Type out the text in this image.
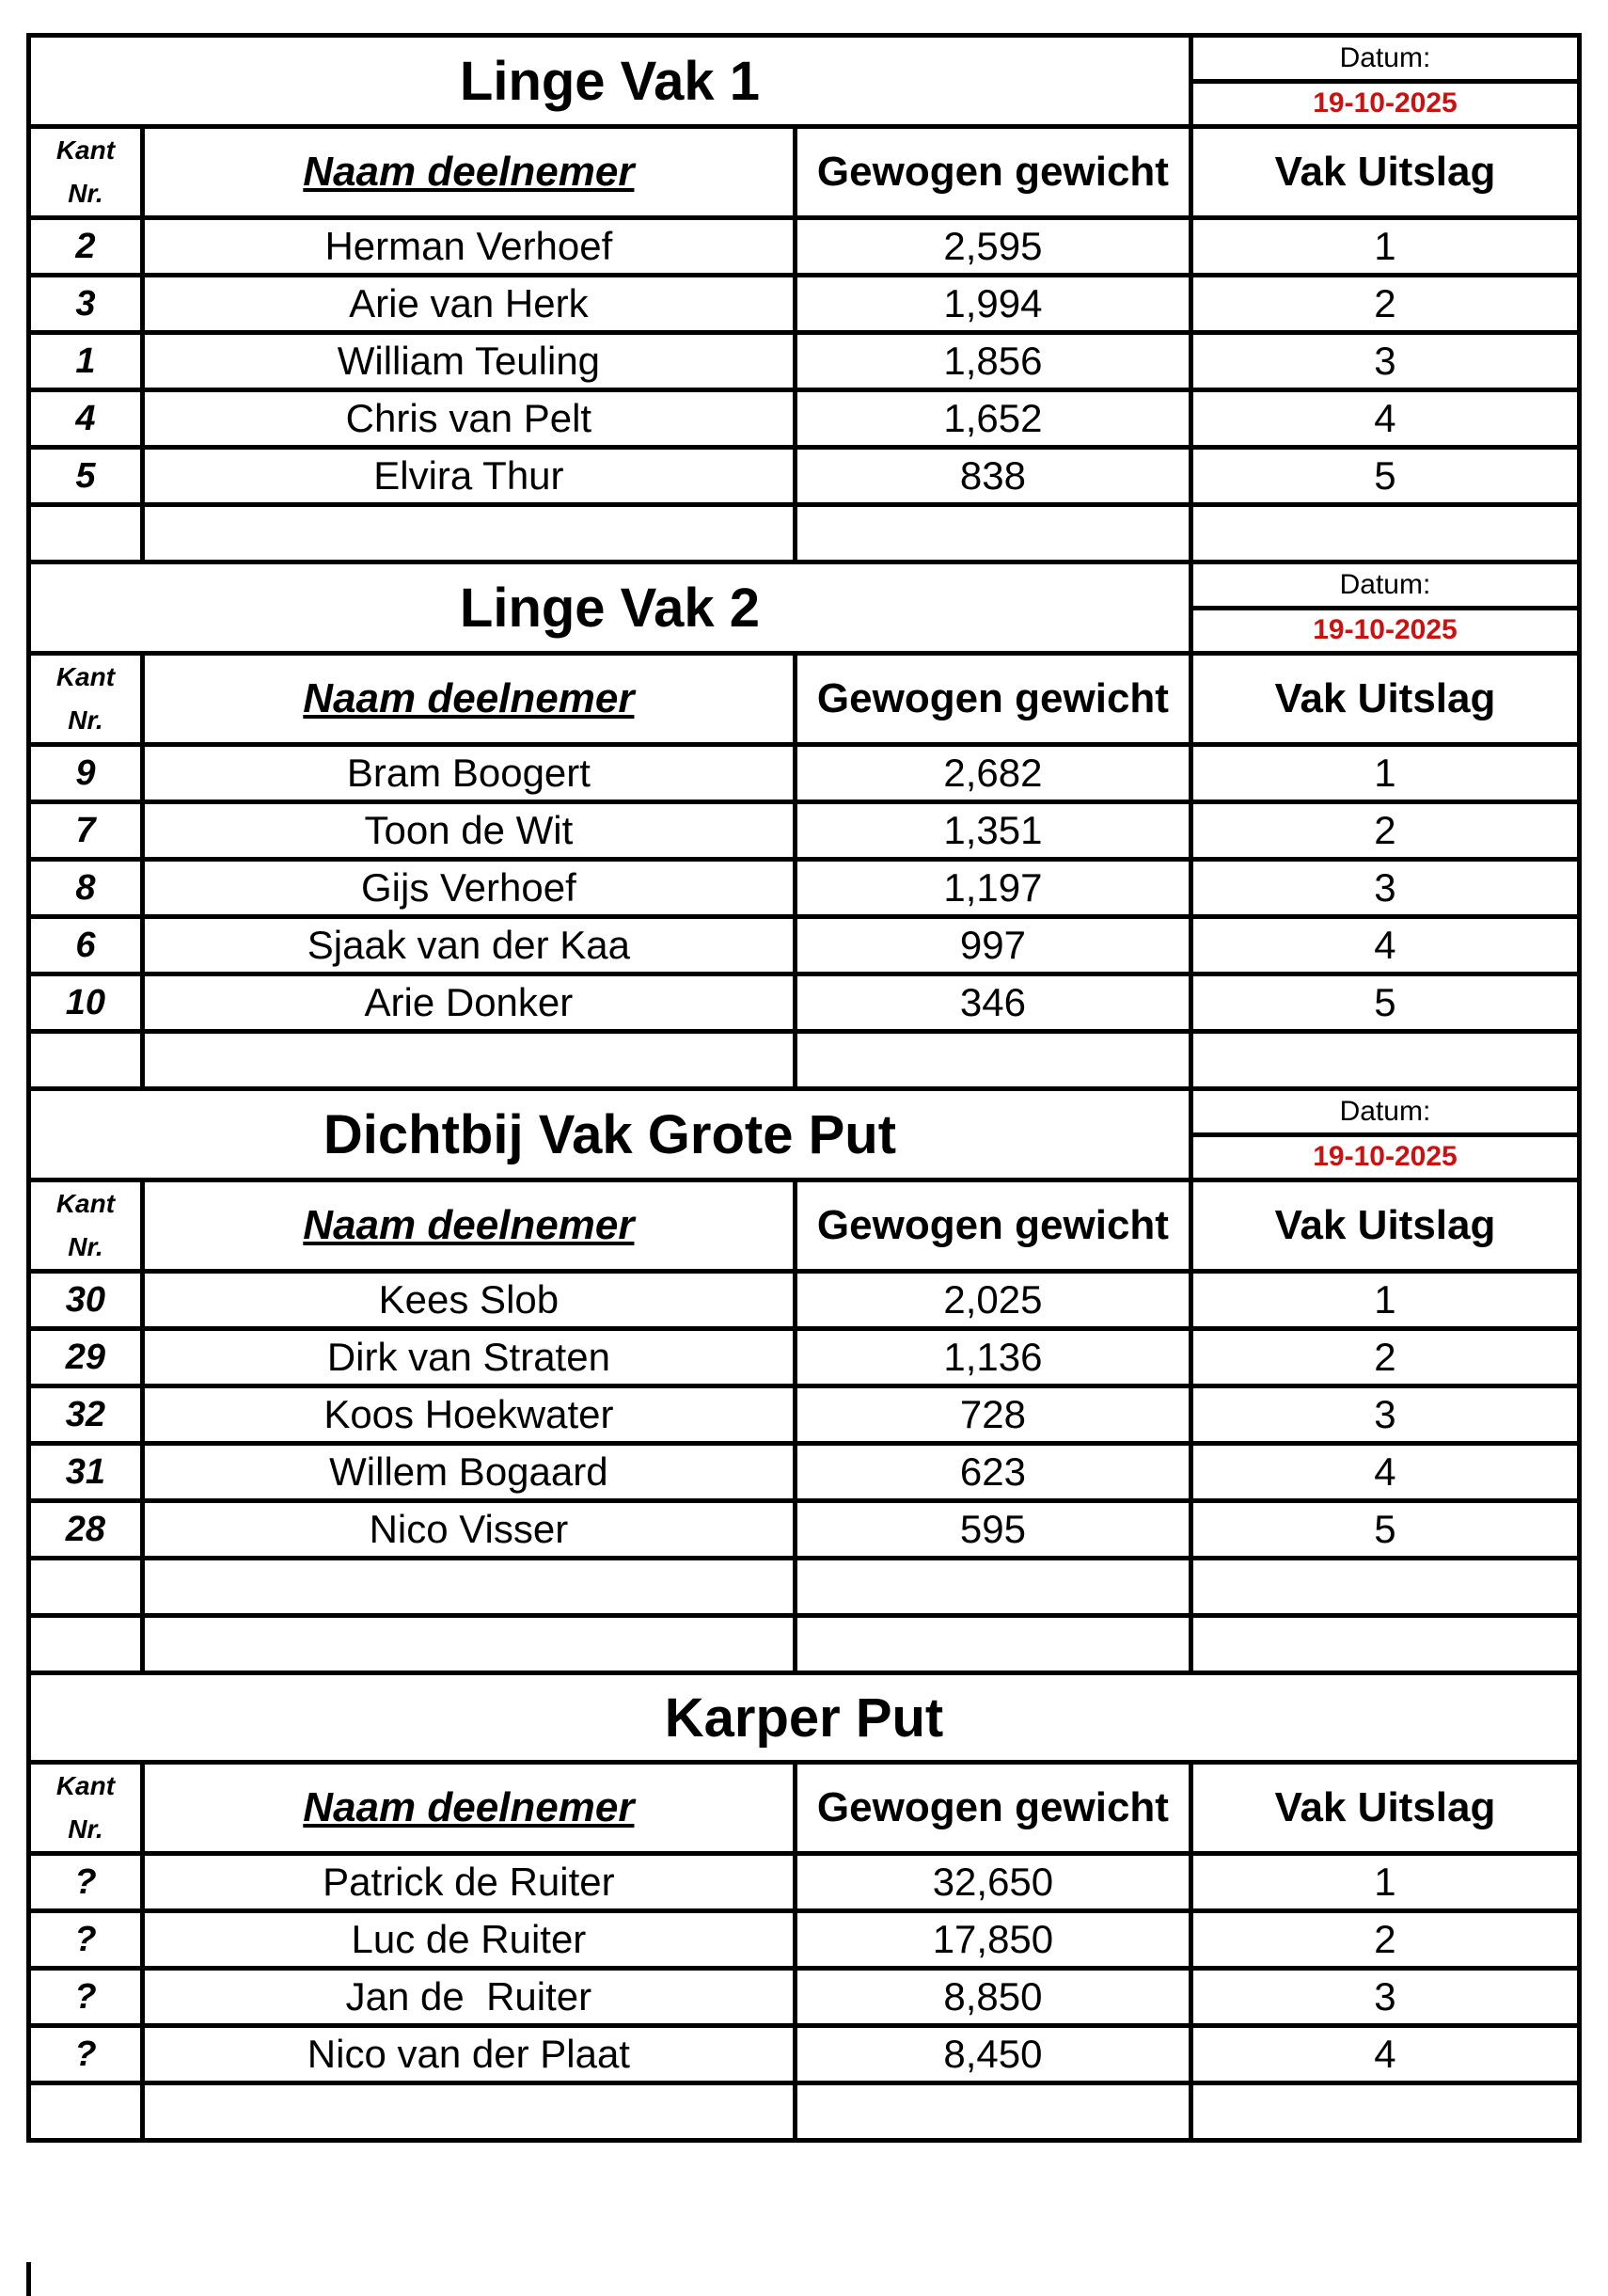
Linge Vak 1			Datum:
19-10-2025

Kant
Nr.	Naam deelnemer	Gewogen gewicht	Vak Uitslag
2	Herman Verhoef	2,595	1
3	Arie van Herk	1,994	2
1	William Teuling	1,856	3
4	Chris van Pelt	1,652	4
5	Elvira Thur	838	5

Linge Vak 2			Datum:
19-10-2025

Kant
Nr.	Naam deelnemer	Gewogen gewicht	Vak Uitslag
9	Bram Boogert	2,682	1
7	Toon de Wit	1,351	2
8	Gijs Verhoef	1,197	3
6	Sjaak van der Kaa	997	4
10	Arie Donker	346	5

Dichtbij Vak Grote Put			Datum:
19-10-2025

Kant
Nr.	Naam deelnemer	Gewogen gewicht	Vak Uitslag
30	Kees Slob	2,025	1
29	Dirk van Straten	1,136	2
32	Koos Hoekwater	728	3
31	Willem Bogaard	623	4
28	Nico Visser	595	5

Karper Put			
Kant
Nr.	Naam deelnemer	Gewogen gewicht	Vak Uitslag
?	Patrick de Ruiter	32,650	1
?	Luc de Ruiter	17,850	2
?	Jan de  Ruiter	8,850	3
?	Nico van der Plaat	8,450	4
